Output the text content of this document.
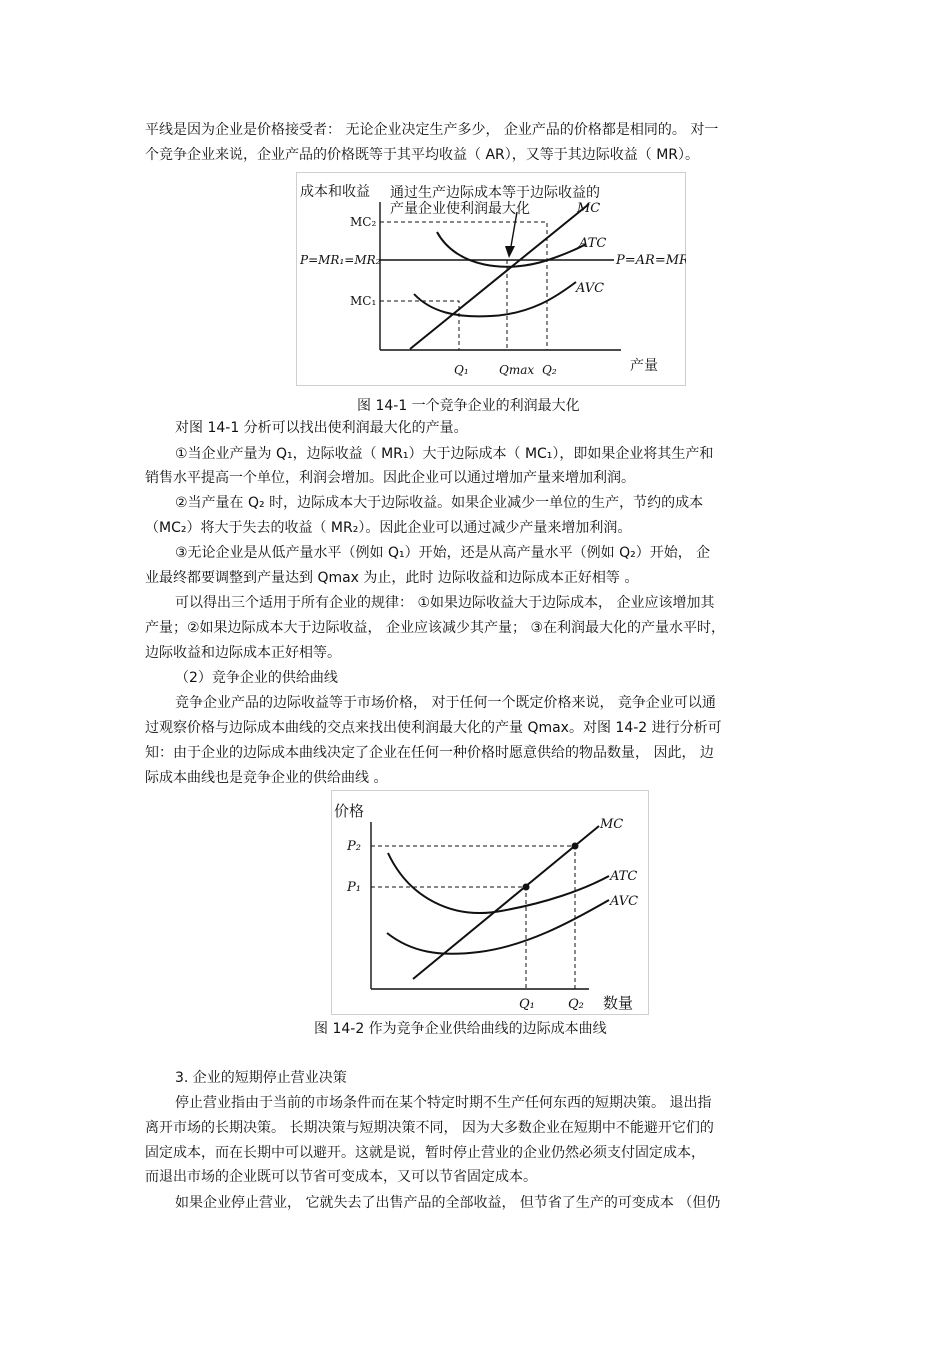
平线是因为企业是价格接受者： 无论企业决定生产多少， 企业产品的价格都是相同的。 对一

个竞争企业来说，企业产品的价格既等于其平均收益（ AR），又等于其边际收益（ MR）。

成本和收益 通过生产边际成本等于边际收益的
产量企业使利润最大化	MC
ATC
P=AR=MR
AVC
MC₂
P=MR₁=MR₂
MC₁
Q₁	Qmax Q₂	产量
图 14-1 一个竞争企业的利润最大化

对图 14-1 分析可以找出使利润最大化的产量。

①当企业产量为 Q₁，边际收益（ MR₁）大于边际成本（ MC₁），即如果企业将其生产和

销售水平提高一个单位，利润会增加。因此企业可以通过增加产量来增加利润。

②当产量在 Q₂ 时，边际成本大于边际收益。如果企业减少一单位的生产，节约的成本

（MC₂）将大于失去的收益（ MR₂）。因此企业可以通过减少产量来增加利润。

③无论企业是从低产量水平（例如 Q₁）开始，还是从高产量水平（例如 Q₂）开始， 企

业最终都要调整到产量达到 Qmax 为止，此时 边际收益和边际成本正好相等 。

可以得出三个适用于所有企业的规律： ①如果边际收益大于边际成本， 企业应该增加其

产量；②如果边际成本大于边际收益， 企业应该减少其产量； ③在利润最大化的产量水平时，

边际收益和边际成本正好相等。

（2）竞争企业的供给曲线

竞争企业产品的边际收益等于市场价格， 对于任何一个既定价格来说， 竞争企业可以通

过观察价格与边际成本曲线的交点来找出使利润最大化的产量 Qmax。对图 14-2 进行分析可

知：由于企业的边际成本曲线决定了企业在任何一种价格时愿意供给的物品数量， 因此， 边

际成本曲线也是竞争企业的供给曲线 。

价格
P₂
P₁
MC
ATC
AVC
Q₁	Q₂ 数量
图 14-2 作为竞争企业供给曲线的边际成本曲线

3. 企业的短期停止营业决策

停止营业指由于当前的市场条件而在某个特定时期不生产任何东西的短期决策。 退出指

离开市场的长期决策。 长期决策与短期决策不同， 因为大多数企业在短期中不能避开它们的

固定成本，而在长期中可以避开。这就是说，暂时停止营业的企业仍然必须支付固定成本，

而退出市场的企业既可以节省可变成本，又可以节省固定成本。

如果企业停止营业， 它就失去了出售产品的全部收益， 但节省了生产的可变成本 （但仍
